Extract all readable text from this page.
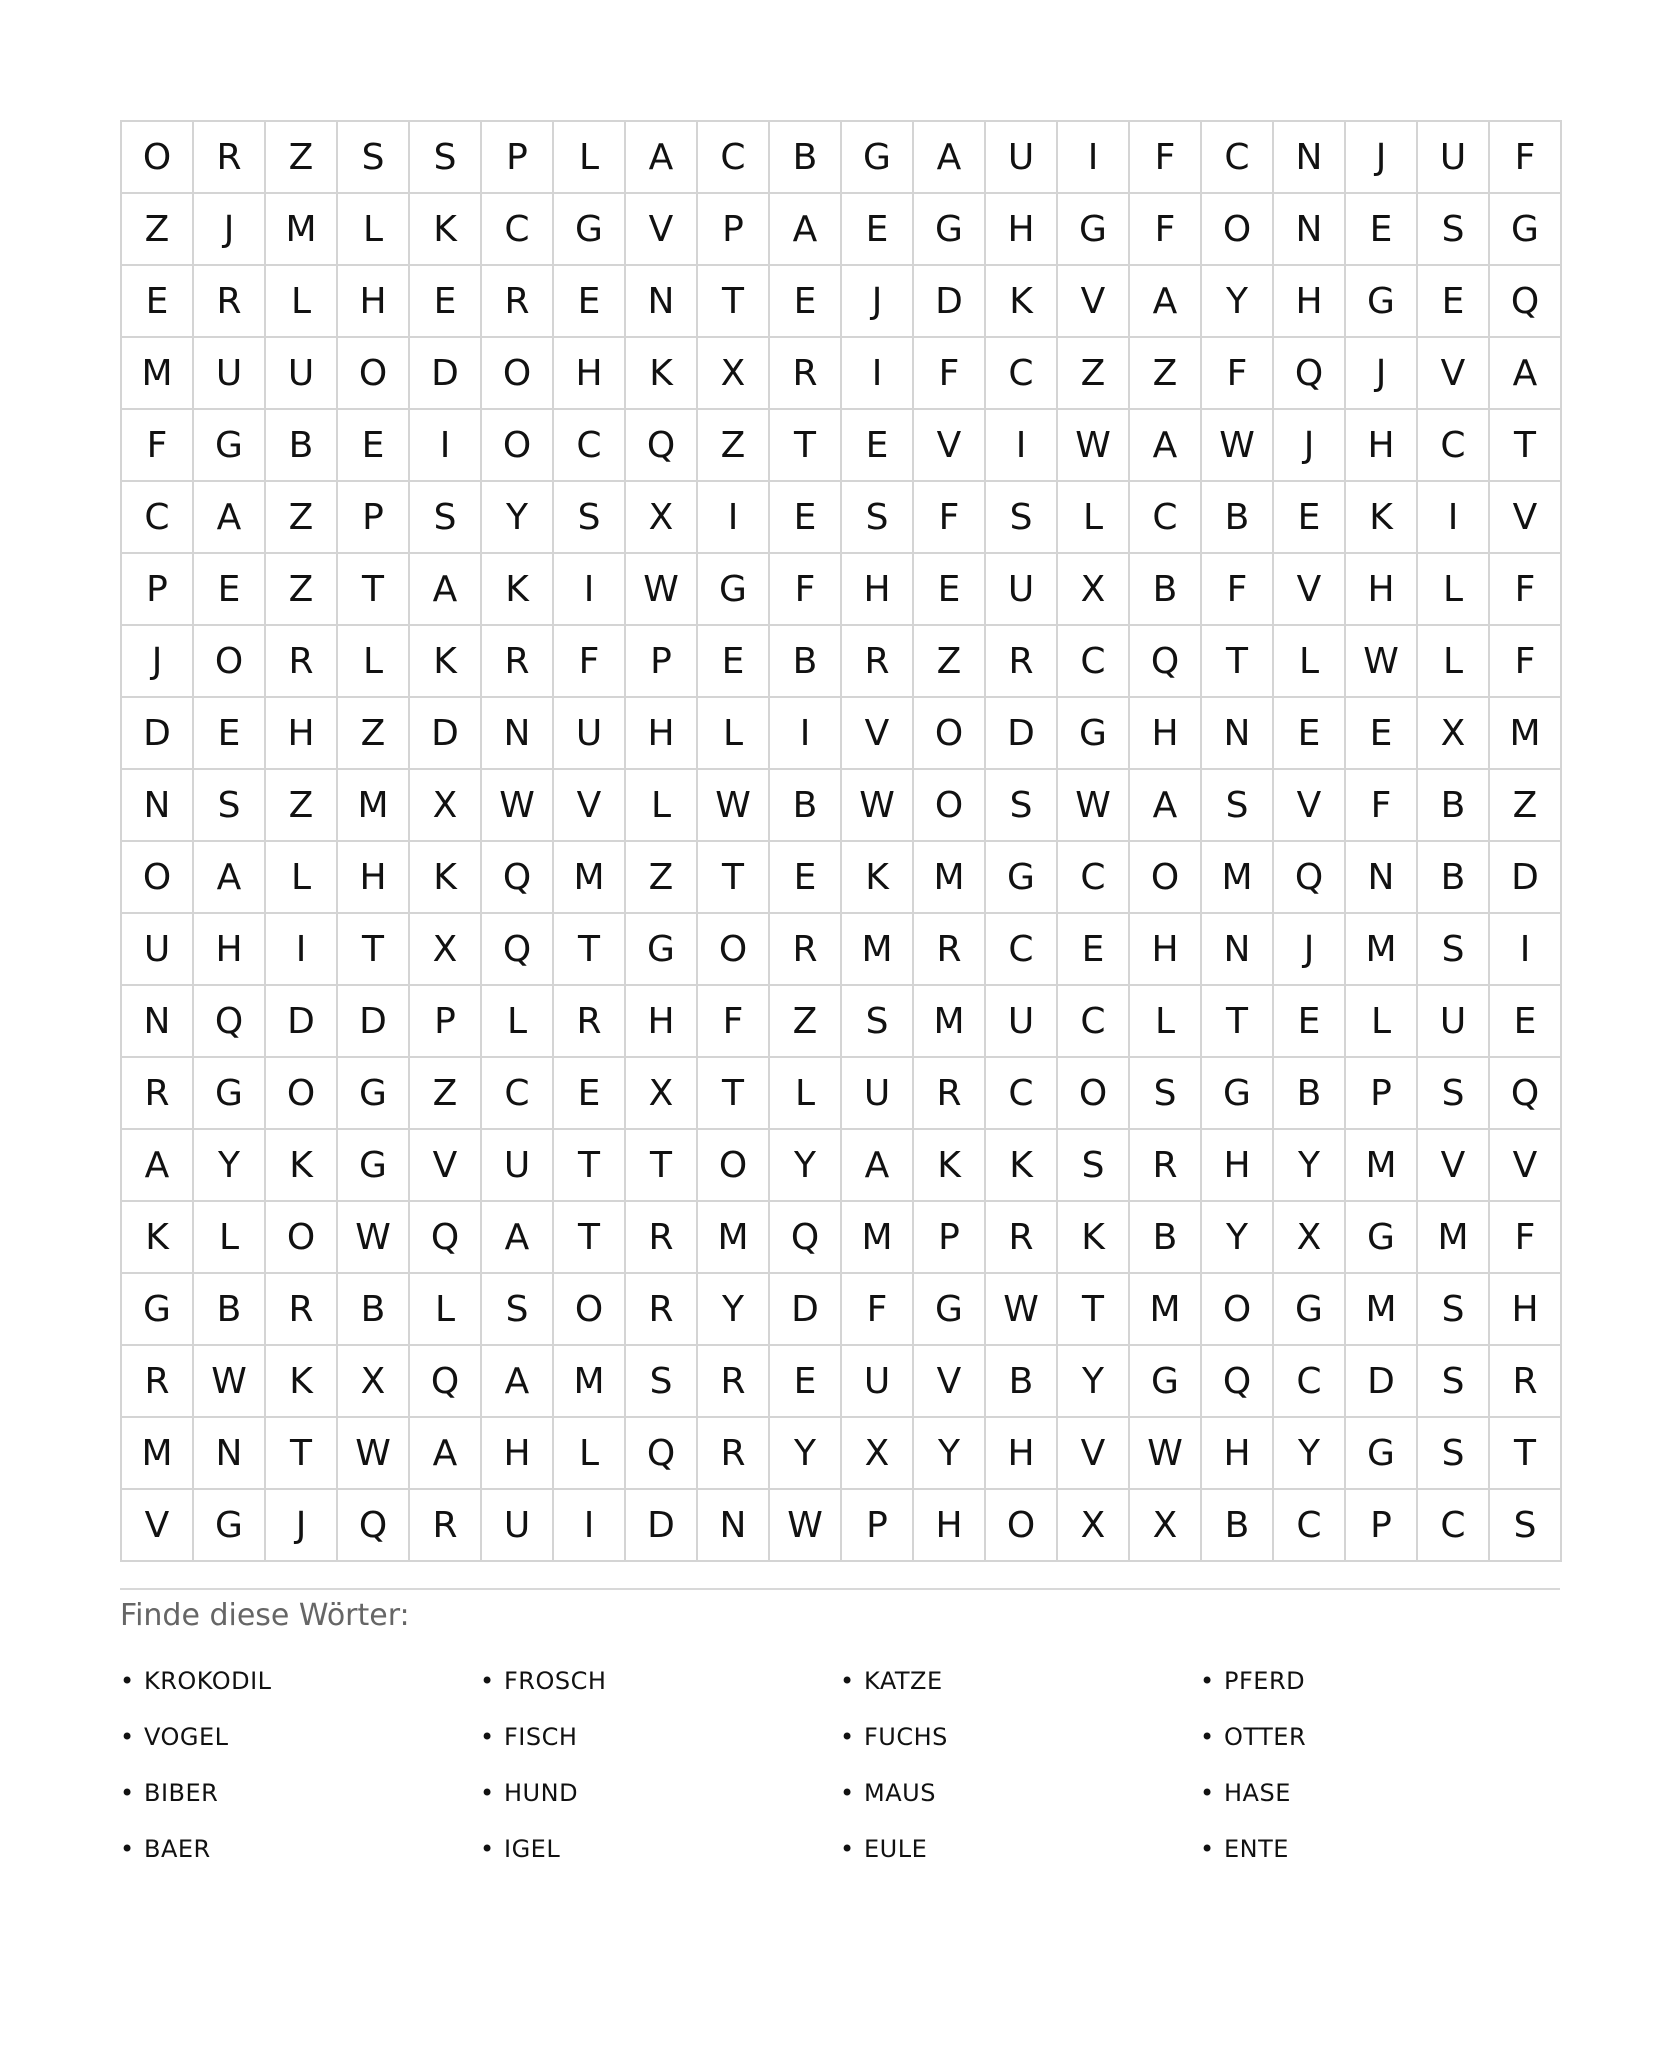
O	R	Z	S	S	P	L	A	C	B	G	A	U	I	F	C	N	J	U	F
Z	J	M	L	K	C	G	V	P	A	E	G	H	G	F	O	N	E	S	G
E	R	L	H	E	R	E	N	T	E	J	D	K	V	A	Y	H	G	E	Q
M	U	U	O	D	O	H	K	X	R	I	F	C	Z	Z	F	Q	J	V	A
F	G	B	E	I	O	C	Q	Z	T	E	V	I	W	A	W	J	H	C	T
C	A	Z	P	S	Y	S	X	I	E	S	F	S	L	C	B	E	K	I	V
P	E	Z	T	A	K	I	W	G	F	H	E	U	X	B	F	V	H	L	F
J	O	R	L	K	R	F	P	E	B	R	Z	R	C	Q	T	L	W	L	F
D	E	H	Z	D	N	U	H	L	I	V	O	D	G	H	N	E	E	X	M
N	S	Z	M	X	W	V	L	W	B	W	O	S	W	A	S	V	F	B	Z
O	A	L	H	K	Q	M	Z	T	E	K	M	G	C	O	M	Q	N	B	D
U	H	I	T	X	Q	T	G	O	R	M	R	C	E	H	N	J	M	S	I
N	Q	D	D	P	L	R	H	F	Z	S	M	U	C	L	T	E	L	U	E
R	G	O	G	Z	C	E	X	T	L	U	R	C	O	S	G	B	P	S	Q
A	Y	K	G	V	U	T	T	O	Y	A	K	K	S	R	H	Y	M	V	V
K	L	O	W	Q	A	T	R	M	Q	M	P	R	K	B	Y	X	G	M	F
G	B	R	B	L	S	O	R	Y	D	F	G	W	T	M	O	G	M	S	H
R	W	K	X	Q	A	M	S	R	E	U	V	B	Y	G	Q	C	D	S	R
M	N	T	W	A	H	L	Q	R	Y	X	Y	H	V	W	H	Y	G	S	T
V	G	J	Q	R	U	I	D	N	W	P	H	O	X	X	B	C	P	C	S
Finde diese Wörter:
• KROKODIL	• FROSCH	• KATZE	• PFERD
• VOGEL	• FISCH	• FUCHS	• OTTER
• BIBER	• HUND	• MAUS	• HASE
• BAER	• IGEL	• EULE	• ENTE
